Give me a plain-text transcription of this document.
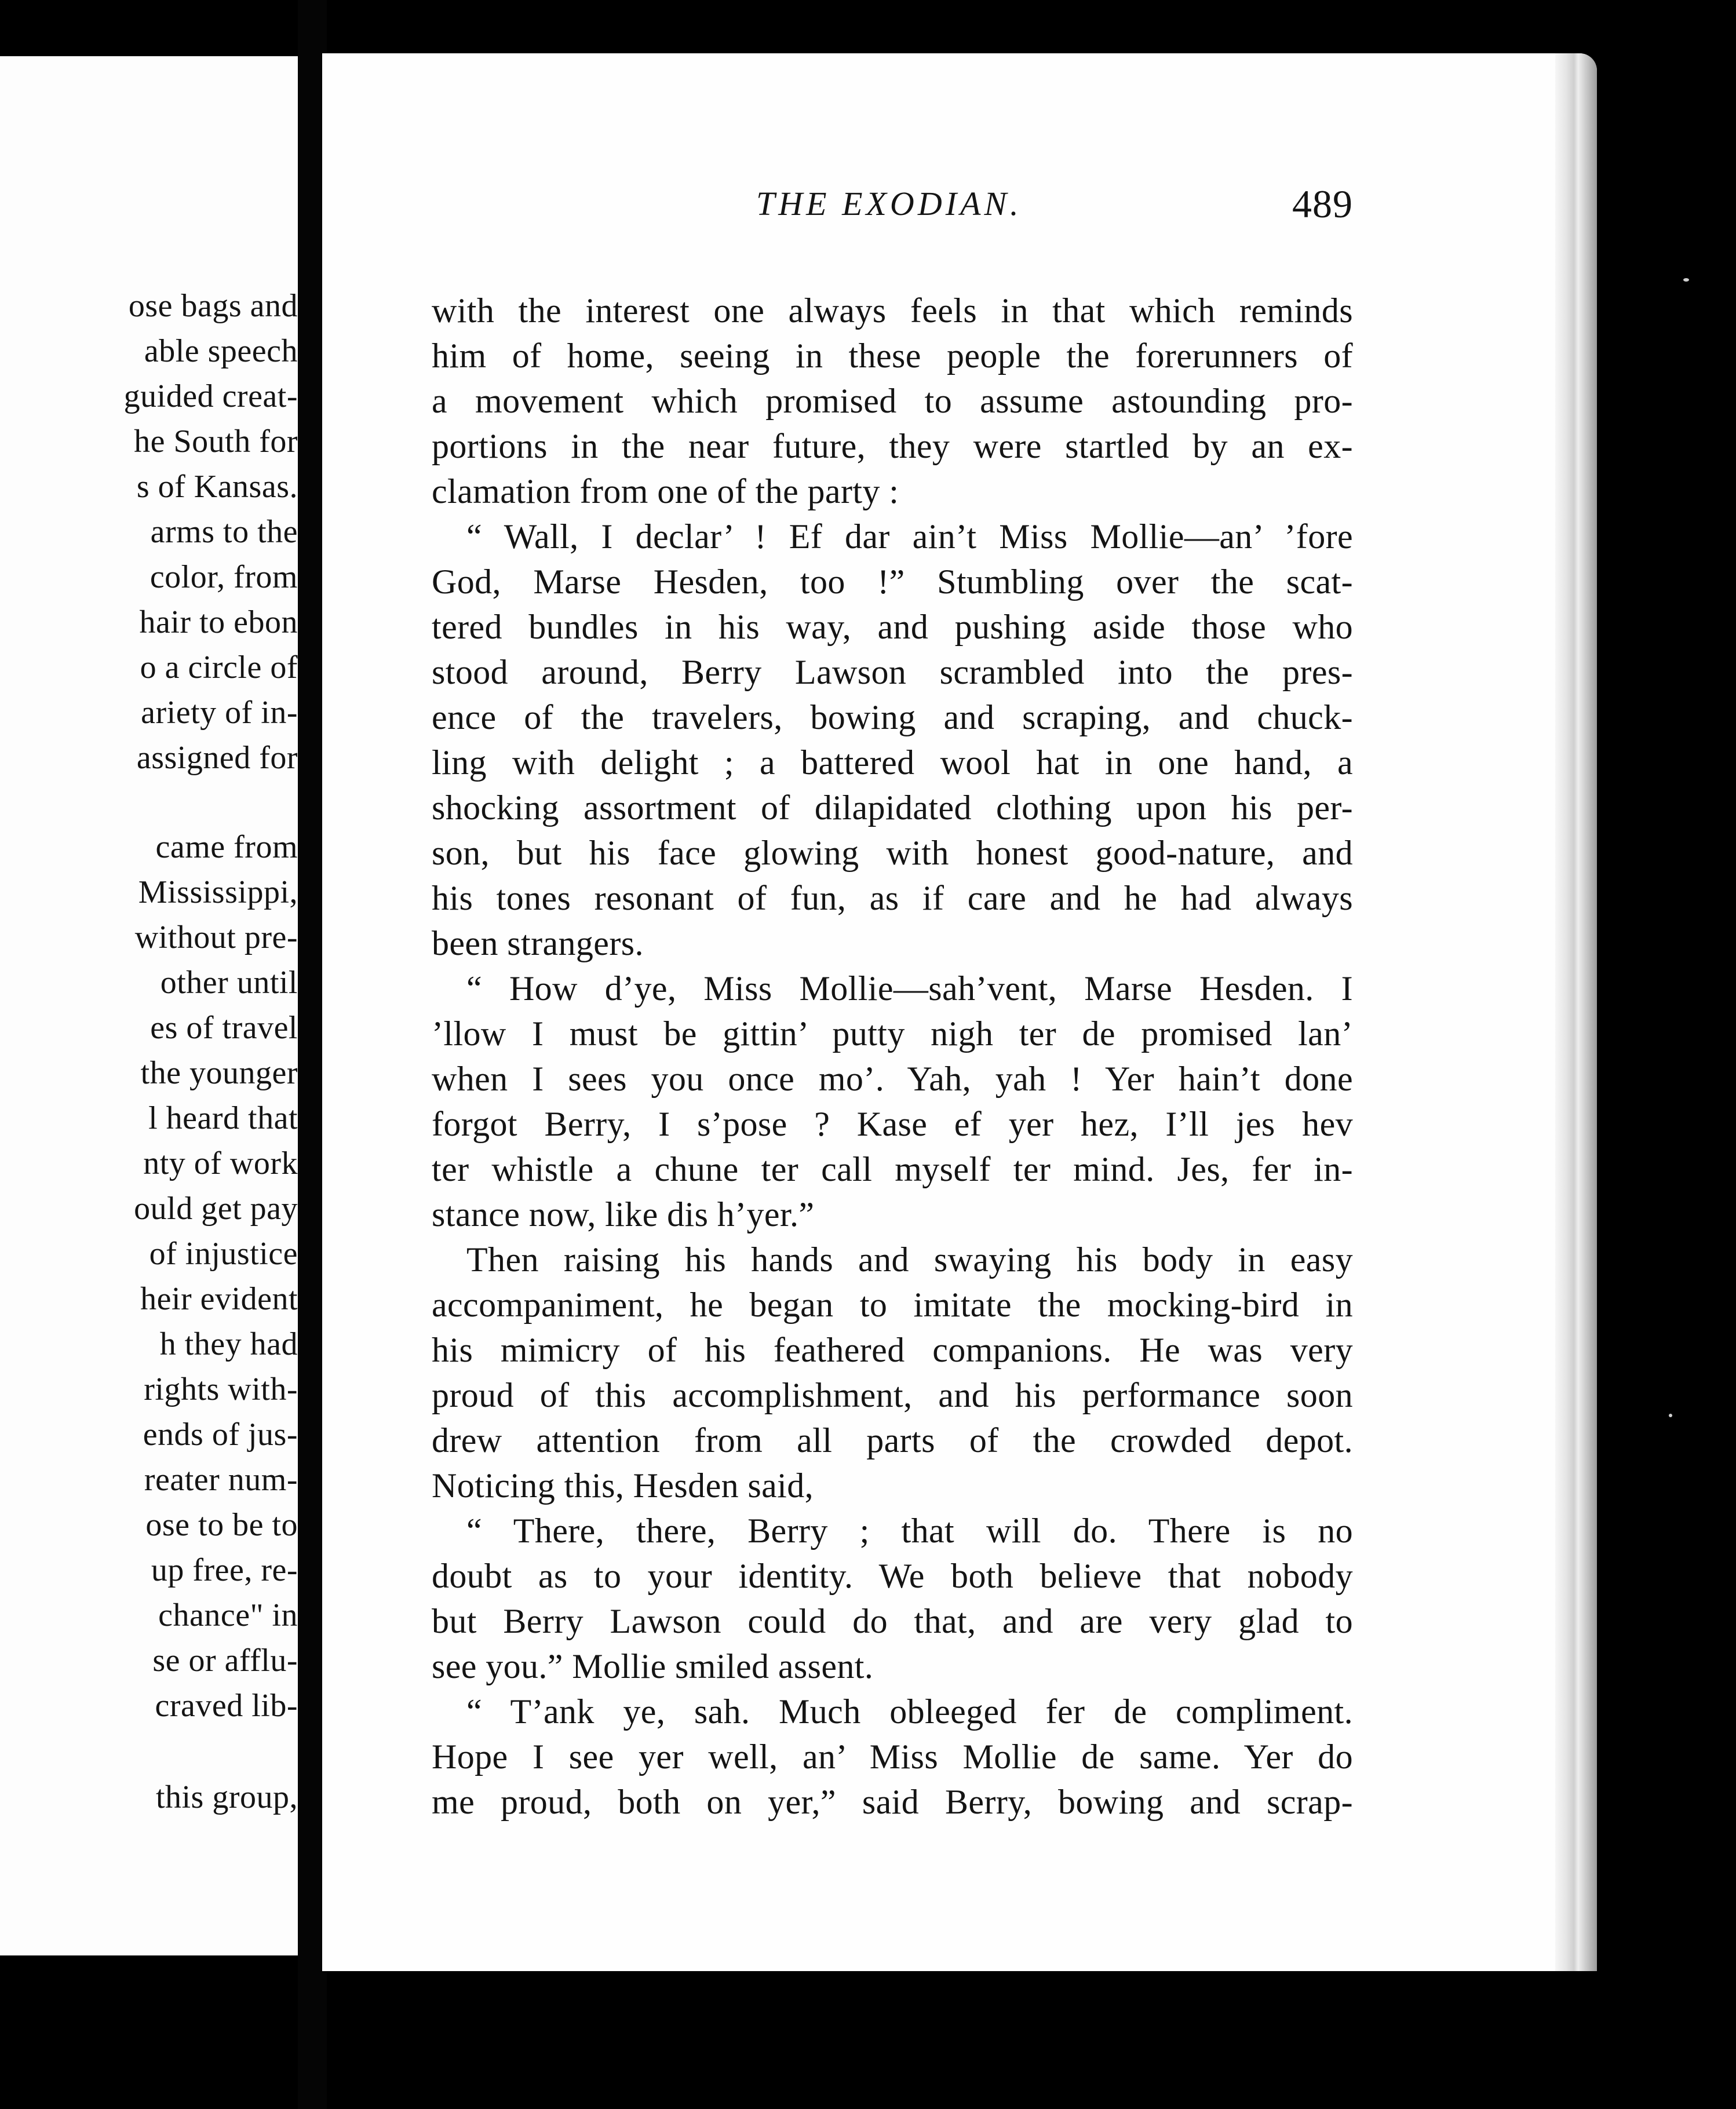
ose bags and
able speech
guided creat-
he South for
s of Kansas.
arms to the
color, from
hair to ebon
o a circle of
ariety of in-
assigned for
came from
Mississippi,
without pre-
other until
es of travel
the younger
l heard that
nty of work
ould get pay
of injustice
heir evident
h they had
rights with-
ends of jus-
reater num-
ose to be to
up free, re-
chance" in
se or afflu-
craved lib-
this group,
THE EXODIAN.	489
with the interest one always feels in that which reminds
him of home, seeing in these people the forerunners of
a movement which promised to assume astounding pro-
portions in the near future, they were startled by an ex-
clamation from one of the party :
“ Wall, I declar’ ! Ef dar ain’t Miss Mollie—an’ ’fore
God, Marse Hesden, too !” Stumbling over the scat-
tered bundles in his way, and pushing aside those who
stood around, Berry Lawson scrambled into the pres-
ence of the travelers, bowing and scraping, and chuck-
ling with delight ; a battered wool hat in one hand, a
shocking assortment of dilapidated clothing upon his per-
son, but his face glowing with honest good-nature, and
his tones resonant of fun, as if care and he had always
been strangers.
“ How d’ye, Miss Mollie—sah’vent, Marse Hesden. I
’llow I must be gittin’ putty nigh ter de promised lan’
when I sees you once mo’. Yah, yah ! Yer hain’t done
forgot Berry, I s’pose ? Kase ef yer hez, I’ll jes hev
ter whistle a chune ter call myself ter mind. Jes, fer in-
stance now, like dis h’yer.”
Then raising his hands and swaying his body in easy
accompaniment, he began to imitate the mocking-bird in
his mimicry of his feathered companions. He was very
proud of this accomplishment, and his performance soon
drew attention from all parts of the crowded depot.
Noticing this, Hesden said,
“ There, there, Berry ; that will do. There is no
doubt as to your identity. We both believe that nobody
but Berry Lawson could do that, and are very glad to
see you.” Mollie smiled assent.
“ T’ank ye, sah. Much obleeged fer de compliment.
Hope I see yer well, an’ Miss Mollie de same. Yer do
me proud, both on yer,” said Berry, bowing and scrap-
